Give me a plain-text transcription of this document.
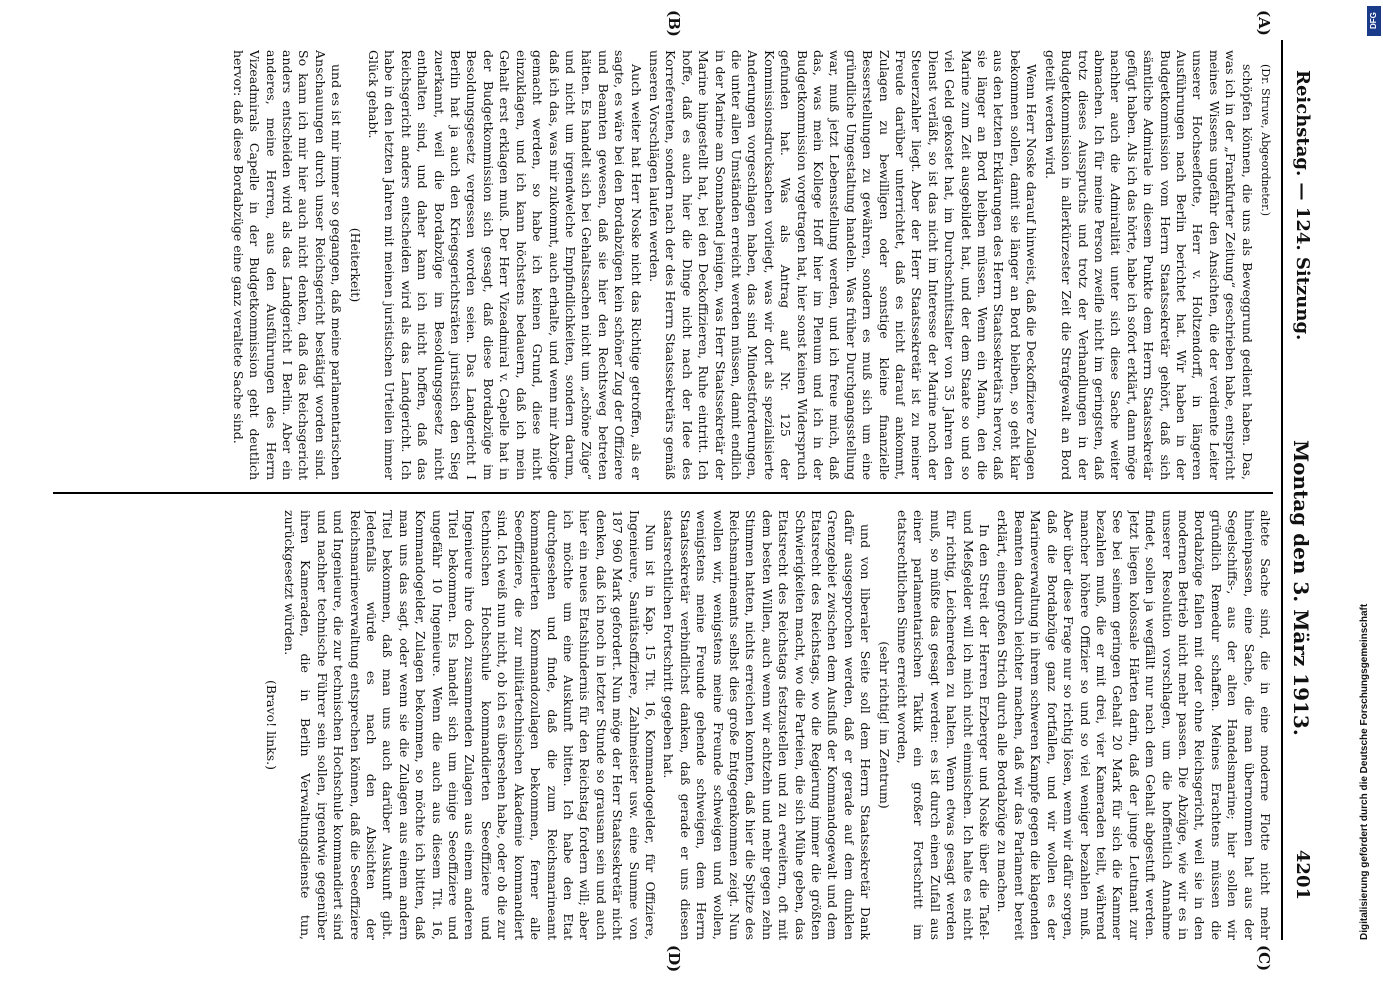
Reichstag. — 124. Sitzung.
Montag den 3. März 1913.
4201
(A)
(B)
(C)
(D)

(Dr. Struve, Abgeordneter.)

schöpfen können, die uns als Beweggrund gedient haben. Das, was ich in der „Frankfurter Zeitung“ geschrieben habe, entspricht meines Wissens ungefähr den Ansichten, die der verdiente Leiter unserer Hochseeflotte, Herr v. Holtzendorff, in längeren Ausführungen nach Berlin berichtet hat. Wir haben in der Budgetkommission vom Herrn Staatssekretär gehört, daß sich sämtliche Admirale in diesem Punkte dem Herrn Staatssekretär gefügt haben. Als ich das hörte, habe ich sofort erklärt, dann möge nachher auch die Admiralität unter sich diese Sache weiter abmachen. Ich für meine Person zweifle nicht im geringsten, daß trotz dieses Ausspruchs und trotz der Verhandlungen in der Budgetkommission in allerkürzester Zeit die Strafgewalt an Bord geteilt werden wird.

Wenn Herr Noske darauf hinweist, daß die Deckoffiziere Zulagen bekommen sollen, damit sie länger an Bord bleiben, so geht klar aus den letzten Erklärungen des Herrn Staatssekretärs hervor, daß sie länger an Bord bleiben müssen. Wenn ein Mann, den die Marine zum Zeit ausgebildet hat, und der dem Staate so und so viel Geld gekostet hat, im Durchschnittsalter von 35 Jahren den Dienst verläßt, so ist das nicht im Interesse der Marine noch der Steuerzahler liegt. Aber der Herr Staatssekretär ist zu meiner Freude darüber unterrichtet, daß es nicht darauf ankommt, Zulagen zu bewilligen oder sonstige kleine finanzielle Besserstellungen zu gewähren, sondern es muß sich um eine gründliche Umgestaltung handeln. Was früher Durchgangsstellung war, muß jetzt Lebensstellung werden, und ich freue mich, daß das, was mein Kollege Hoff hier im Plenum und ich in der Budgetkommission vorgetragen hat, hier sonst keinen Widerspruch gefunden hat. Was als Antrag auf Nr. 125 der Kommissionsdrucksachen vorliegt, was wir dort als spezialisierte Anderungen vorgeschlagen haben, das sind Mindestforderungen, die unter allen Umständen erreicht werden müssen, damit endlich in der Marine am Sonnabend jenigen, was Herr Staatssekretär der Marine hingestellt hat, bei den Deckoffizieren, Ruhe eintritt. Ich hoffe, daß es auch hier die Dinge nicht nach der Idee des Korreferenten, sondern nach der des Herrn Staatssekretärs gemäß unseren Vorschlägen laufen werden.

Auch weiter hat Herr Noske nicht das Richtige getroffen, als er sagte, es wäre bei den Bordabzügen kein schöner Zug der Offiziere und Beamten gewesen, daß sie hier den Rechtsweg betreten hätten. Es handelt sich bei Gehaltssachen nicht um „schöne Züge“ und nicht um irgendwelche Empfindlichkeiten, sondern darum, daß ich das, was mir zukommt, auch erhalte, und wenn mir Abzüge gemacht werden, so habe ich keinen Grund, diese nicht einzuklagen, und ich kann höchstens bedauern, daß ich mein Gehalt erst erklagen muß. Der Herr Vizeadmiral v. Capelle hat in der Budgetkommission sich gesagt, daß diese Bordabzüge im Besoldungsgesetz vergessen worden seien. Das Landgericht I Berlin hat ja auch den Kriegsgerichtsräten juristisch den Sieg zuerkannt, weil die Bordabzüge im Besoldungsgesetz nicht enthalten sind, und daher kann ich nicht hoffen, daß das Reichsgericht anders entscheiden wird als das Landgericht. Ich habe in den letzten Jahren mit meinen juristischen Urteilen immer Glück gehabt.

(Heiterkeit)

und es ist mir immer so gegangen, daß meine parlamentarischen Anschauungen durch unser Reichsgericht bestätigt worden sind. So kann ich mir hier auch nicht denken, daß das Reichsgericht anders entscheiden wird als das Landgericht I Berlin. Aber ein anderes, meine Herren, aus den Ausführungen des Herrn Vizeadmirals Capelle in der Budgetkommission geht deutlich hervor: daß diese Bordabzüge eine ganz veraltete Sache sind.

altete Sache sind, die in eine moderne Flotte nicht mehr hineinpassen, eine Sache, die man übernommen hat aus der Segelschiffs-, aus der alten Handelsmarine; hier sollen wir gründlich Remedur schaffen. Meines Erachtens müssen die Bordabzüge fallen mit oder ohne Reichsgericht, weil sie in den modernen Betrieb nicht mehr passen. Die Abzüge, wie wir es in unserer Resolution vorschlagen, um die hoffentlich Annahme findet, sollen ja wegfällt nur nach dem Gehalt abgestuft werden. Jetzt liegen kolossale Härten darin, daß der junge Leutnant zur See bei seinem geringen Gehalt 20 Mark für sich die Kammer bezahlen muß, die er mit drei, vier Kameraden teilt, während mancher höhere Offizier so und so viel weniger bezahlen muß. Aber über diese Frage nur so richtig lösen, wenn wir dafür sorgen, daß die Bordabzüge ganz fortfallen, und wir wollen es der Marineverwaltung in ihrem schweren Kampfe gegen die klagenden Beamten dadurch leichter machen, daß wir das Parlament bereit erklärt, einen großen Strich durch alle Bordabzüge zu machen.

In den Streit der Herren Erzberger und Noske über die Tafel- und Meßgelder will ich mich nicht einmischen. Ich halte es nicht für richtig, Leichenreden zu halten. Wenn etwas gesagt werden muß, so müßte das gesagt werden: es ist durch einen Zufall aus einer parlamentarischen Taktik ein großer Fortschritt im etatsrechtlichen Sinne erreicht worden,

(sehr richtig! im Zentrum)

und von liberaler Seite soll dem Herrn Staatssekretär Dank dafür ausgesprochen werden, daß er gerade auf dem dunklen Grenzgebiet zwischen dem Ausfluß der Kommandogewalt und dem Etatsrecht des Reichstags, wo die Regierung immer die größten Schwierigkeiten macht, wo die Parteien, die sich Mühe geben, das Etatsrecht des Reichstags festzustellen und zu erweitern, oft mit dem besten Willen, auch wenn wir achtzehn und mehr gegen zehn Stimmen hatten, nichts erreichen konnten, daß hier die Spitze des Reichsmarineamts selbst dies große Entgegenkommen zeigt. Nun wollen wir, wenigstens meine Freunde schweigen und wollen, wenigstens meine Freunde gehende schweigen, dem Herrn Staatssekretär verbindlichst danken, daß gerade er uns diesen staatsrechtlichen Fortschritt gegeben hat.

Nun ist in Kap. 15 Tit. 16, Kommandogelder, für Offiziere, Ingenieure, Sanitätsoffiziere, Zahlmeister usw. eine Summe von 187 960 Mark gefordert. Nun möge der Herr Staatssekretär nicht denken, daß ich noch in letzter Stunde so grausam sein und auch hier ein neues Etatshindernis für den Reichstag fordern will; aber ich möchte um eine Auskunft bitten. Ich habe den Etat durchgesehen und finde, daß die zum Reichsmarineamt kommandierten Kommandozulagen bekommen, ferner alle Seeoffiziere, die zur militärtechnischen Akademie kommandiert sind. Ich weiß nun nicht, ob ich es übersehen habe, oder ob die zur technischen Hochschule kommandierten Seeoffiziere und Ingenieure ihre doch zusammenden Zulagen aus einem anderen Titel bekommen. Es handelt sich um einige Seeoffiziere und ungefähr 10 Ingenieure. Wenn die auch aus diesem Tit. 16, Kommandogelder, Zulagen bekommen, so möchte ich bitten, daß man uns das sagt, oder wenn sie die Zulagen aus einem andern Titel bekommen, daß man uns auch darüber Auskunft gibt. Jedenfalls würde es nach den Absichten der Reichsmarineverwaltung entsprechen können, daß die Seeoffiziere und Ingenieure, die zur technischen Hochschule kommandiert sind und nachher technische Führer sein sollen, irgendwie gegenüber ihren Kameraden, die in Berlin Verwaltungsdienste tun, zurückgesetzt würden.

(Bravo! links.)

DFG
Digitalisierung gefördert durch die Deutsche Forschungsgemeinschaft
